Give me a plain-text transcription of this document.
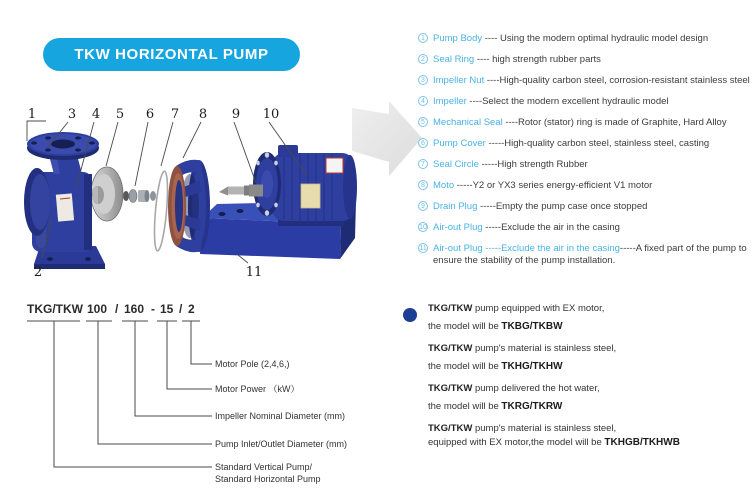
TKW HORIZONTAL PUMP
1 3 4 5 6 7 8 9 10
2	11
1 Pump Body ---- Using the modern optimal hydraulic model design
2 Seal Ring ---- high strength rubber parts
3 Impeller Nut ----High-quality carbon steel, corrosion-resistant stainless steel
4 Impeller ----Select the modern excellent hydraulic model
5 Mechanical Seal ----Rotor (stator) ring is made of Graphite, Hard Alloy
6 Pump Cover -----High-quality carbon steel, stainless steel, casting
7 Seal Circle -----High strength Rubber
8 Moto -----Y2 or YX3 series energy-efficient V1 motor
9 Drain Plug -----Empty the pump case once stopped
10 Air-out Plug -----Exclude the air in the casing
11 Air-out Plug -----Exclude the air in the casing-----A fixed part of the pump to ensure the stability of the pump installation.
TKG/TKW 100 / 160 - 15 / 2
Motor Pole (2,4,6,)
Motor Power （kW）
Impeller Nominal Diameter (mm)
Pump Inlet/Outlet Diameter (mm)
Standard Vertical Pump/
Standard Horizontal Pump
TKG/TKW pump equipped with EX motor,
the model will be TKBG/TKBW
TKG/TKW pump's material is stainless steel,
the model will be TKHG/TKHW
TKG/TKW pump delivered the hot water,
the model will be TKRG/TKRW
TKG/TKW pump's material is stainless steel,
equipped with EX motor,the model will be TKHGB/TKHWB
